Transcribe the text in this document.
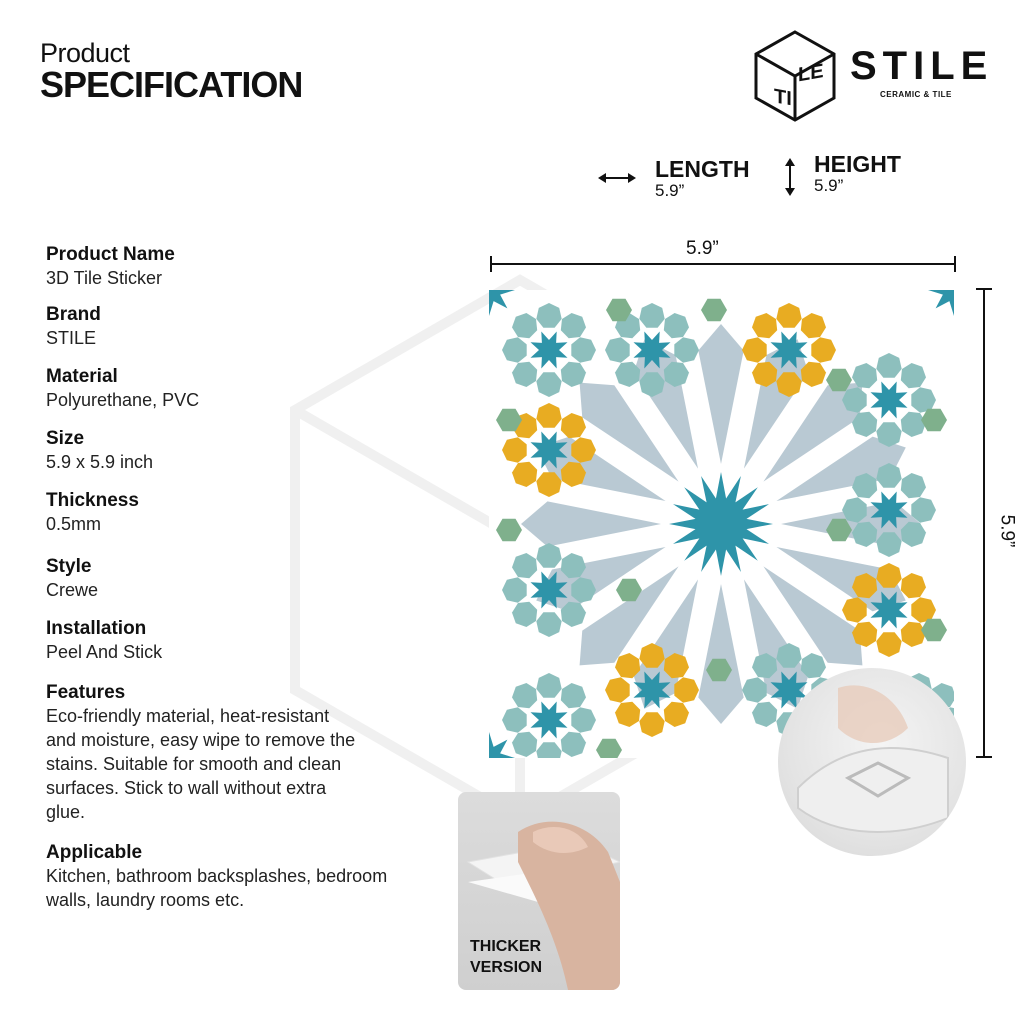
Product
SPECIFICATION	TI
LE STILE
CERAMIC & TILE
LENGTH
5.9”
HEIGHT
5.9”
Product Name
3D Tile Sticker
Brand
STILE
Material
Polyurethane, PVC
Size
5.9 x 5.9 inch
Thickness
0.5mm
Style
Crewe
Installation
Peel And Stick
Features
Eco-friendly material, heat-resistant and moisture, easy wipe to remove the stains. Suitable for smooth and clean surfaces. Stick to wall without extra glue.
Applicable
Kitchen, bathroom backsplashes, bedroom walls, laundry rooms etc.
5.9”
5.9”
THICKER
VERSION
